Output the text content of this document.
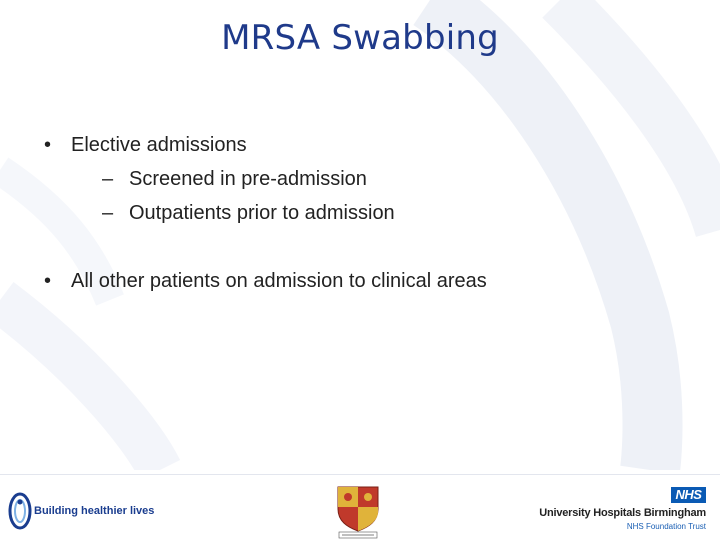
MRSA Swabbing
• Elective admissions
– Screened in pre-admission
– Outpatients prior to admission
• All other patients on admission to clinical areas
Building healthier lives
NHS
University Hospitals Birmingham
NHS Foundation Trust
